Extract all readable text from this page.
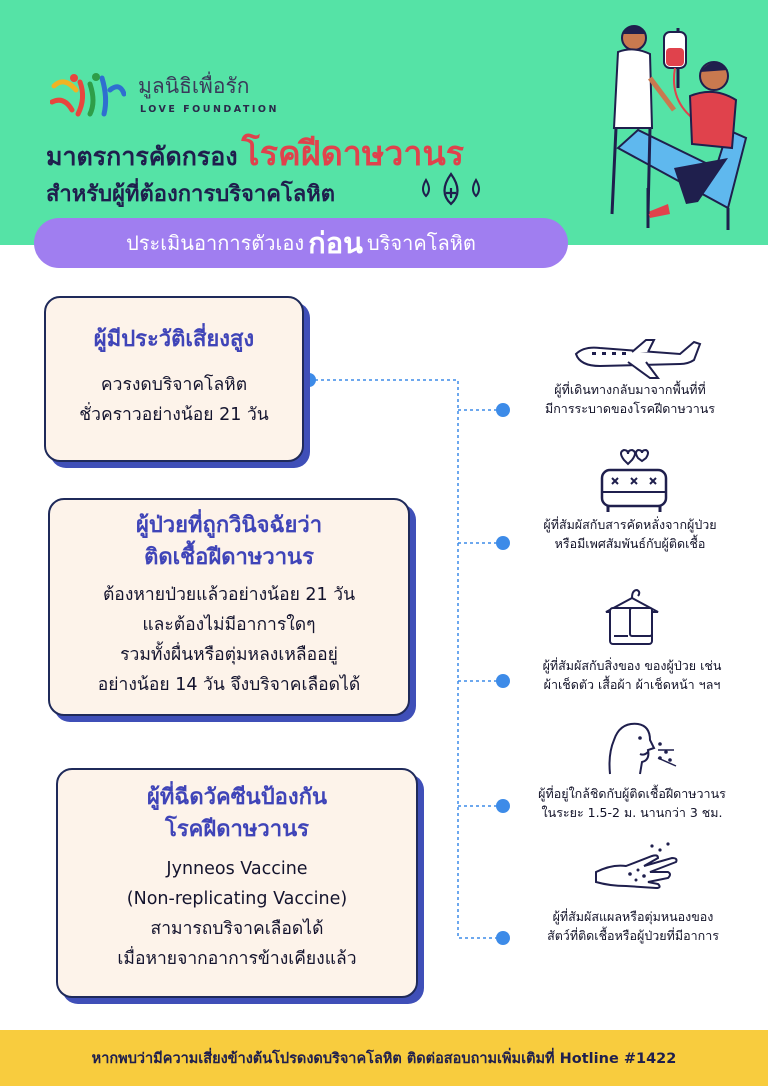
มูลนิธิเพื่อรัก
LOVE FOUNDATION
มาตรการคัดกรอง โรคฝีดาษวานร
สำหรับผู้ที่ต้องการบริจาคโลหิต
ประเมินอาการตัวเอง ก่อน บริจาคโลหิต
ผู้มีประวัติเสี่ยงสูง

ควรงดบริจาคโลหิต

ชั่วคราวอย่างน้อย 21 วัน

ผู้ป่วยที่ถูกวินิจฉัยว่า
ติดเชื้อฝีดาษวานร

ต้องหายป่วยแล้วอย่างน้อย 21 วัน

และต้องไม่มีอาการใดๆ

รวมทั้งผื่นหรือตุ่มหลงเหลืออยู่

อย่างน้อย 14 วัน จึงบริจาคเลือดได้

ผู้ที่ฉีดวัคซีนป้องกัน
โรคฝีดาษวานร

Jynneos Vaccine

(Non-replicating Vaccine)

สามารถบริจาคเลือดได้

เมื่อหายจากอาการข้างเคียงแล้ว

ผู้ที่เดินทางกลับมาจากพื้นที่ที่
มีการระบาดของโรคฝีดาษวานร
ผู้ที่สัมผัสกับสารคัดหลั่งจากผู้ป่วย
หรือมีเพศสัมพันธ์กับผู้ติดเชื้อ
ผู้ที่สัมผัสกับสิ่งของ ของผู้ป่วย เช่น
ผ้าเช็ดตัว เสื้อผ้า ผ้าเช็ดหน้า ฯลฯ
ผู้ที่อยู่ใกล้ชิดกับผู้ติดเชื้อฝีดาษวานร
ในระยะ 1.5-2 ม. นานกว่า 3 ชม.
ผู้ที่สัมผัสแผลหรือตุ่มหนองของ
สัตว์ที่ติดเชื้อหรือผู้ป่วยที่มีอาการ
หากพบว่ามีความเสี่ยงข้างต้นโปรดงดบริจาคโลหิต ติดต่อสอบถามเพิ่มเติมที่ Hotline #1422
